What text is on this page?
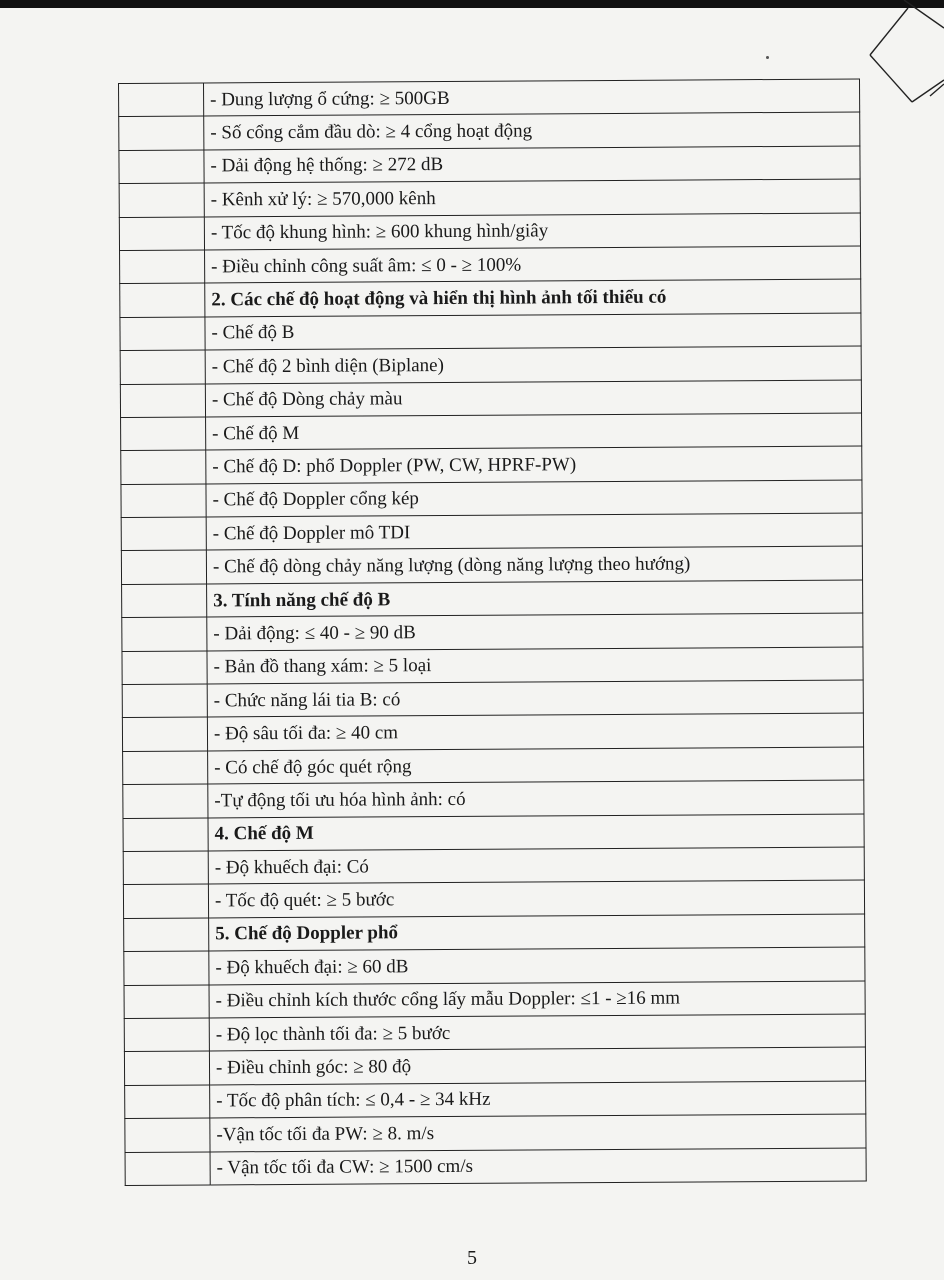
	- Dung lượng ổ cứng: ≥ 500GB
	- Số cổng cắm đầu dò: ≥ 4 cổng hoạt động
	- Dải động hệ thống: ≥ 272 dB
	- Kênh xử lý: ≥ 570,000 kênh
	- Tốc độ khung hình: ≥ 600 khung hình/giây
	- Điều chỉnh công suất âm: ≤ 0 - ≥ 100%
	2. Các chế độ hoạt động và hiển thị hình ảnh tối thiểu có
	- Chế độ B
	- Chế độ 2 bình diện (Biplane)
	- Chế độ Dòng chảy màu
	- Chế độ M
	- Chế độ D: phổ Doppler (PW, CW, HPRF-PW)
	- Chế độ Doppler cổng kép
	- Chế độ Doppler mô TDI
	- Chế độ dòng chảy năng lượng (dòng năng lượng theo hướng)
	3. Tính năng chế độ B
	- Dải động: ≤ 40 - ≥ 90 dB
	- Bản đồ thang xám: ≥ 5 loại
	- Chức năng lái tia B: có
	- Độ sâu tối đa: ≥ 40 cm
	- Có chế độ góc quét rộng
	-Tự động tối ưu hóa hình ảnh: có
	4. Chế độ M
	- Độ khuếch đại: Có
	- Tốc độ quét: ≥ 5 bước
	5. Chế độ Doppler phổ
	- Độ khuếch đại: ≥ 60 dB
	- Điều chỉnh kích thước cổng lấy mẫu Doppler: ≤1 - ≥16 mm
	- Độ lọc thành tối đa: ≥ 5 bước
	- Điều chỉnh góc: ≥ 80 độ
	- Tốc độ phân tích: ≤ 0,4 - ≥ 34 kHz
	-Vận tốc tối đa PW: ≥ 8. m/s
	- Vận tốc tối đa CW: ≥ 1500 cm/s
5
